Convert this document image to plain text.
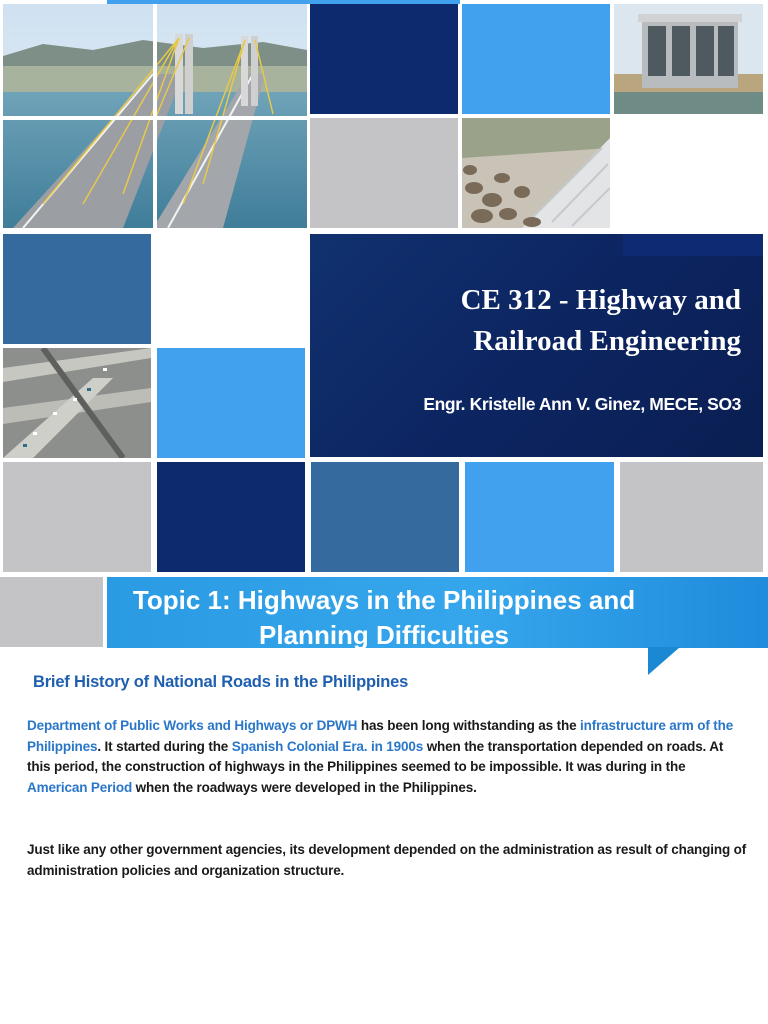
CE 312 - Highway and
Railroad Engineering
Engr. Kristelle Ann V. Ginez, MECE, SO3
Topic 1: Highways in the Philippines and
Planning Difficulties
Brief History of National Roads in the Philippines
Department of Public Works and Highways or DPWH has been long withstanding as the infrastructure arm of the Philippines. It started during the Spanish Colonial Era. in 1900s when the transportation depended on roads. At this period, the construction of highways in the Philippines seemed to be impossible. It was during in the American Period when the roadways were developed in the Philippines.
Just like any other government agencies, its development depended on the administration as result of changing of administration policies and organization structure.
